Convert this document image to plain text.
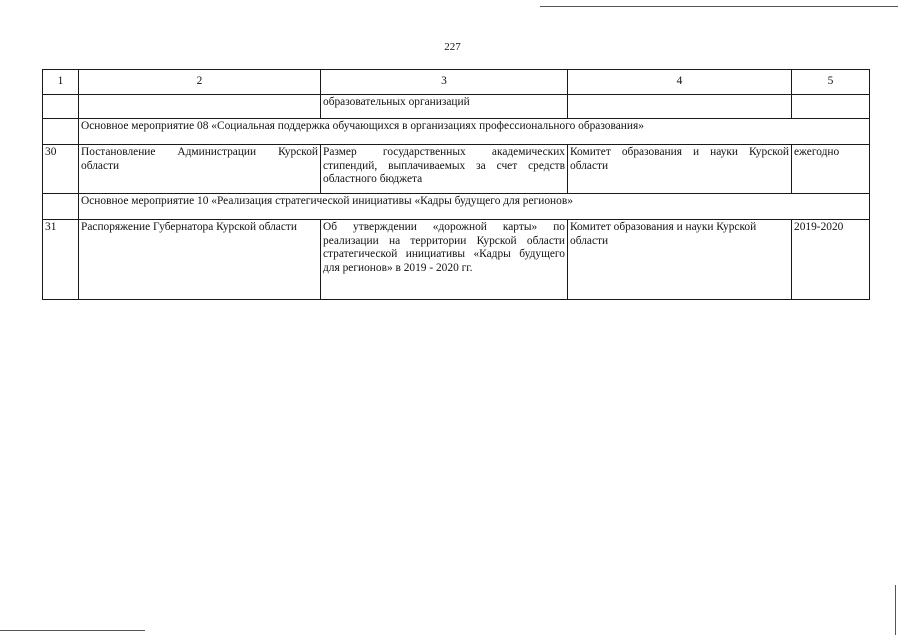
227
1	2	3	4	5
		образовательных организаций		
	Основное мероприятие 08 «Социальная поддержка обучающихся в организациях профессионального образования»			
30	Постановление Администрации Курской области	Размер государственных академических стипендий, выплачиваемых за счет средств областного бюджета	Комитет образования и науки Курской области	ежегодно
	Основное мероприятие 10 «Реализация стратегической инициативы «Кадры будущего для регионов»			
31	Распоряжение Губернатора Курской области	Об утверждении «дорожной карты» по реализации на территории Курской области стратегической инициативы «Кадры будущего для регионов» в 2019 - 2020 гг.	Комитет образования и науки Курской области	2019-2020
